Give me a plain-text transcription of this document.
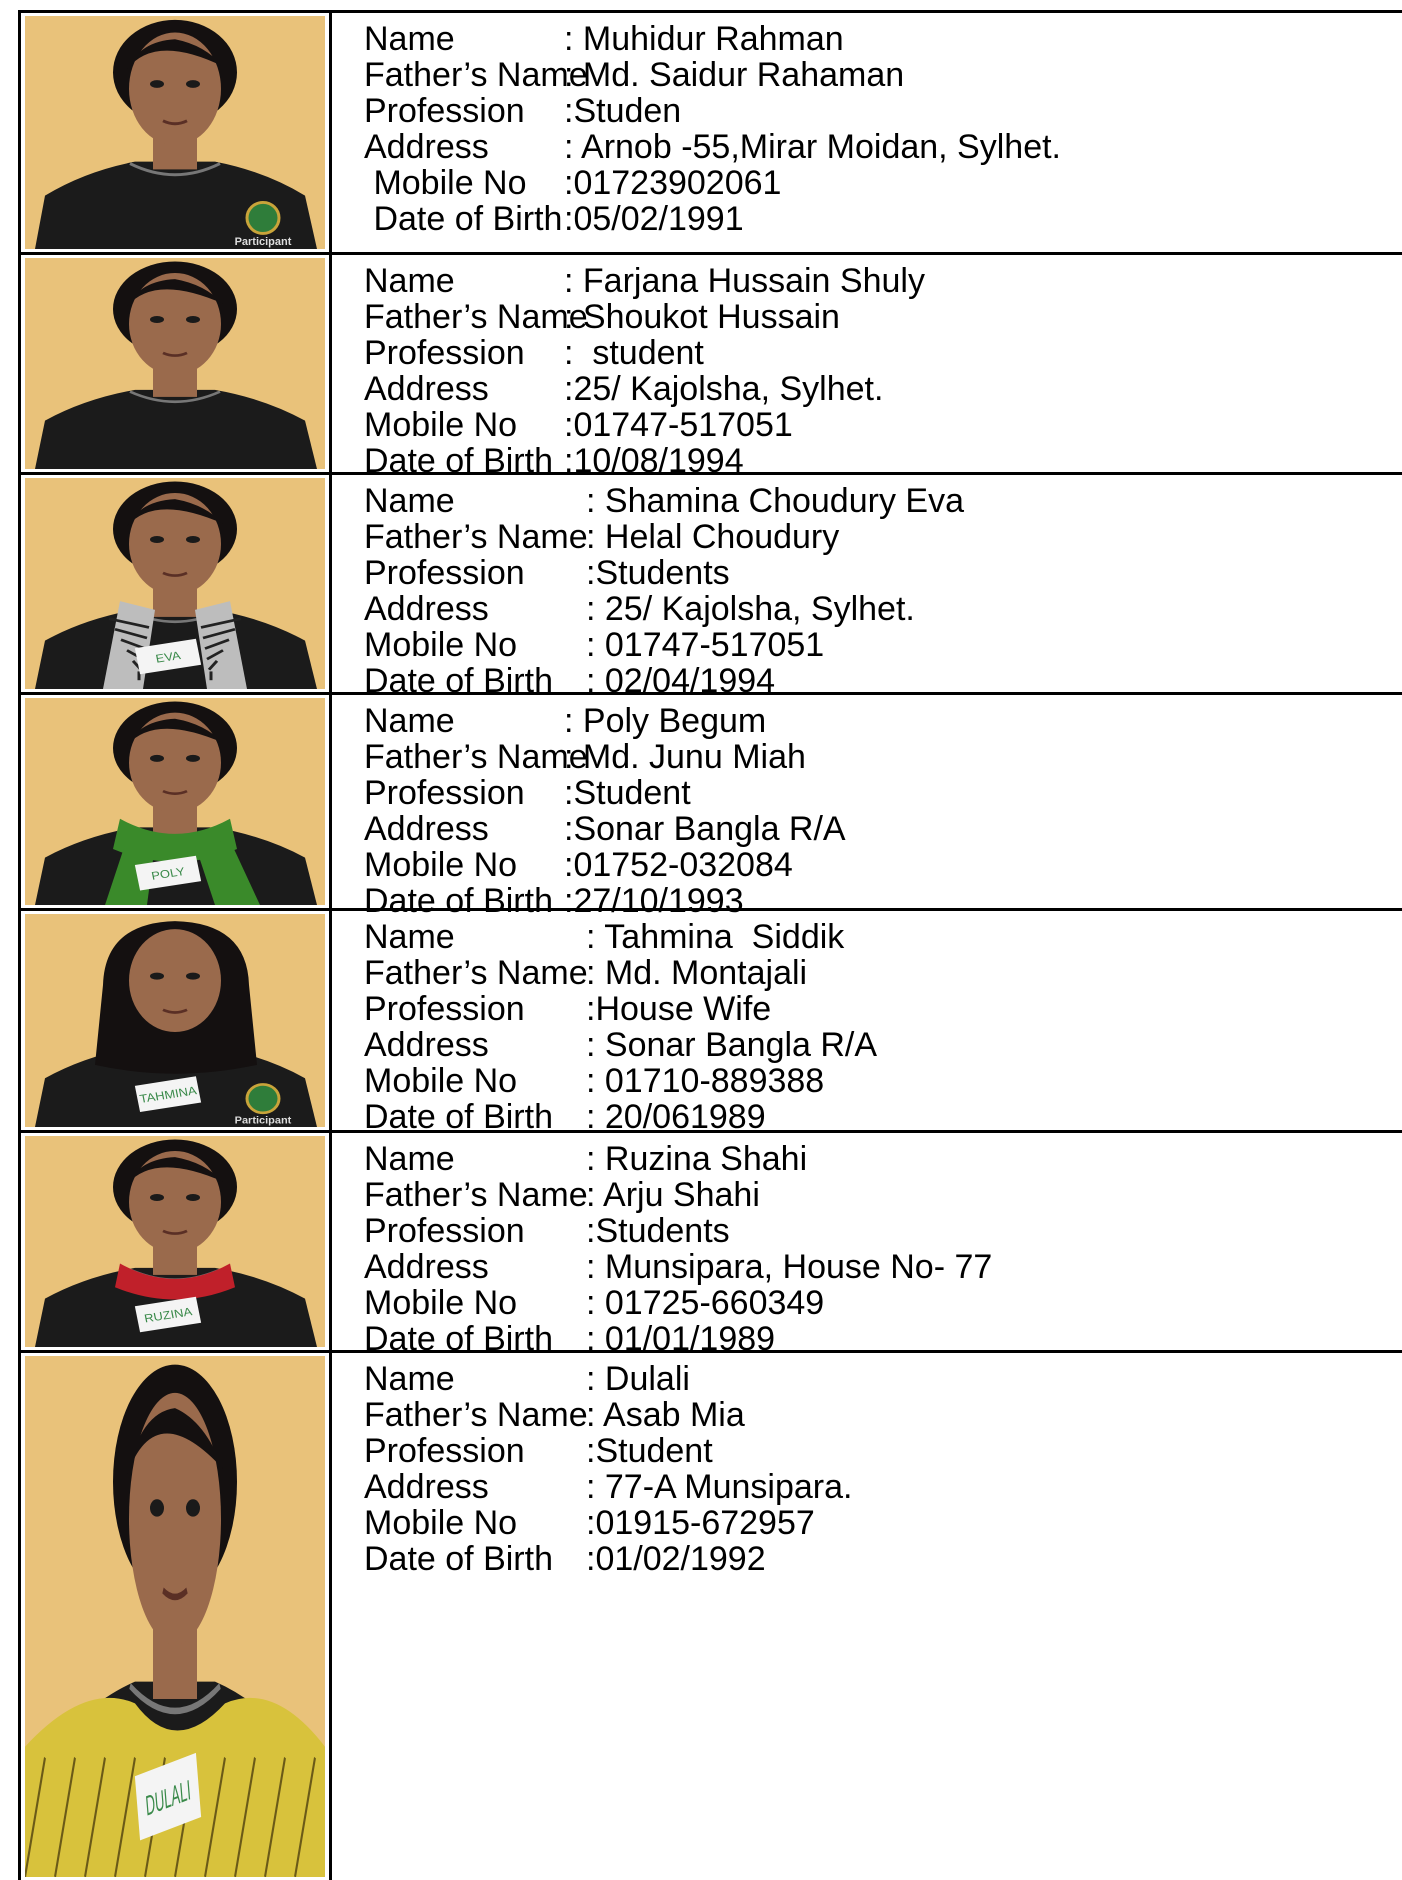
Participant
Name	: Muhidur Rahman
Father’s Name
: Md. Saidur Rahaman
Profession :Studen
Address : Arnob -55,Mirar Moidan, Sylhet.
Mobile No :01723902061
Date of Birth :05/02/1991
Name	: Farjana Hussain Shuly
Father’s Name
: Shoukot Hussain
Profession :  student
Address :25/ Kajolsha, Sylhet.
Mobile No :01747-517051
Date of Birth :10/08/1994
EVA
Name	: Shamina Choudury Eva
Father’s Name
: Helal Choudury
Profession :Students
Address	: 25/ Kajolsha, Sylhet.
Mobile No : 01747-517051
Date of Birth : 02/04/1994
POLY
Name	: Poly Begum
Father’s Name
: Md. Junu Miah
Profession :Student
Address :Sonar Bangla R/A
Mobile No :01752-032084
Date of Birth :27/10/1993
Participant
TAHMINA
Name	: Tahmina  Siddik
Father’s Name
: Md. Montajali
Profession :House Wife
Address	: Sonar Bangla R/A
Mobile No : 01710-889388
Date of Birth : 20/061989
RUZINA
Name	: Ruzina Shahi
Father’s Name
: Arju Shahi
Profession :Students
Address	: Munsipara, House No- 77
Mobile No : 01725-660349
Date of Birth : 01/01/1989
DULALI
Name	: Dulali
Father’s Name
: Asab Mia
Profession :Student
Address	: 77-A Munsipara.
Mobile No :01915-672957
Date of Birth :01/02/1992
